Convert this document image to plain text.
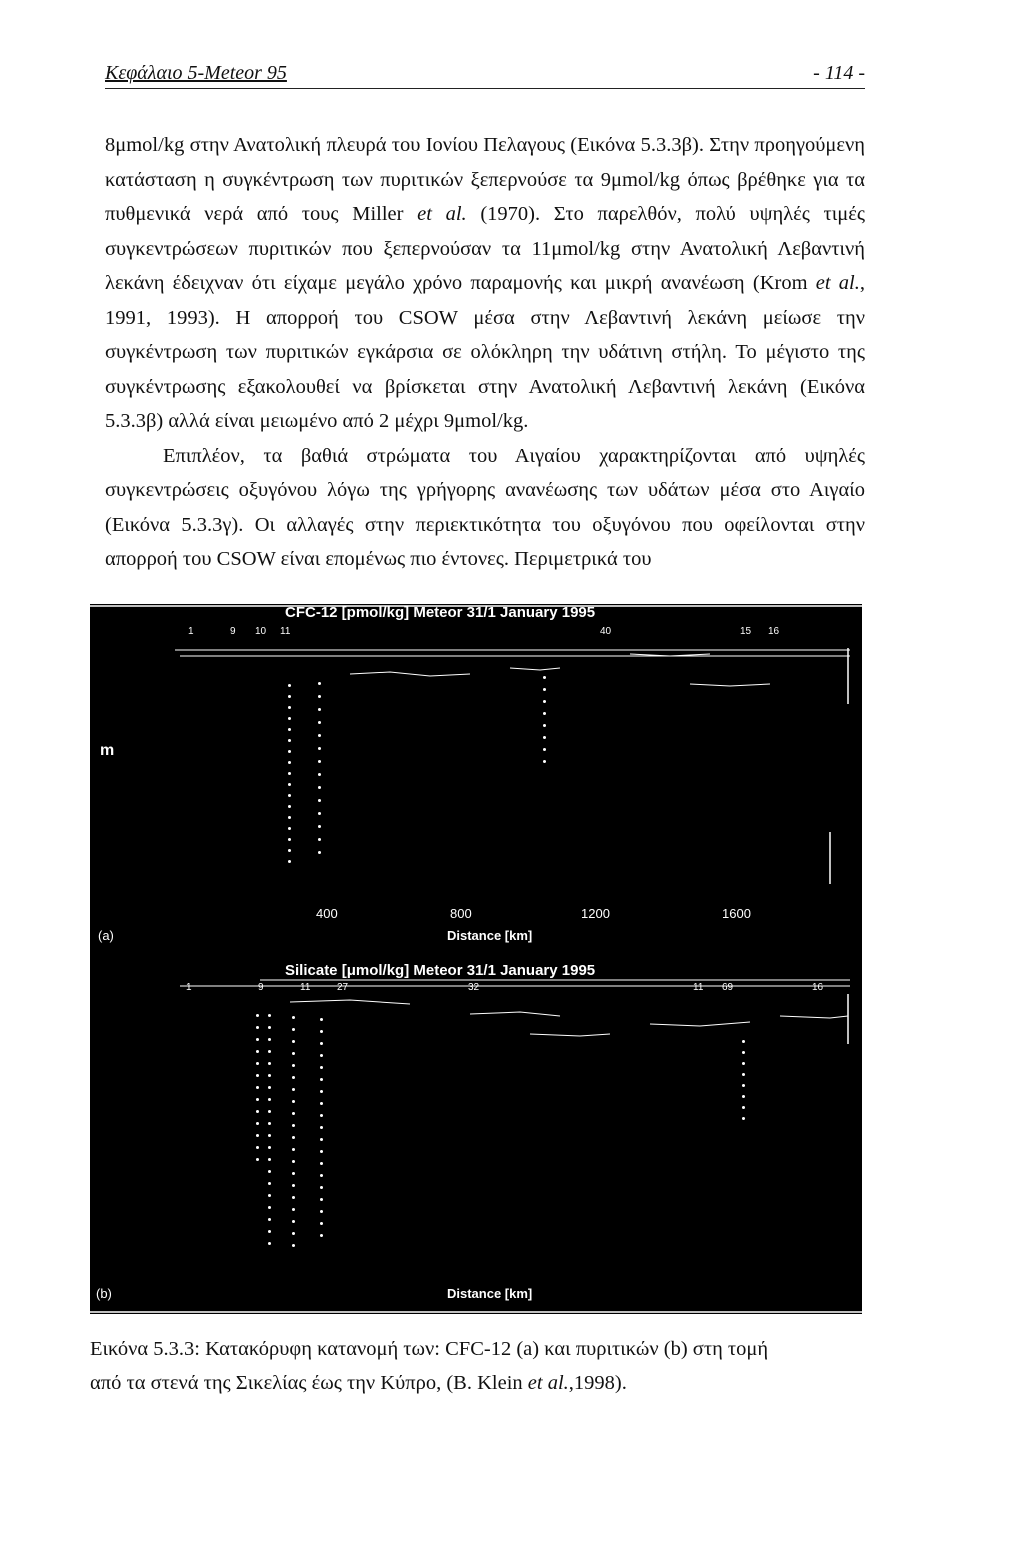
Κεφάλαιο 5-Meteor 95	- 114 -

8μmol/kg στην Ανατολική πλευρά του Ιονίου Πελαγους (Εικόνα 5.3.3β). Στην προηγούμενη κατάσταση η συγκέντρωση των πυριτικών ξεπερνούσε τα 9μmol/kg όπως βρέθηκε για τα πυθμενικά νερά από τους Miller et al. (1970). Στο παρελθόν, πολύ υψηλές τιμές συγκεντρώσεων πυριτικών που ξεπερνούσαν τα 11μmol/kg στην Ανατολική Λεβαντινή λεκάνη έδειχναν ότι είχαμε μεγάλο χρόνο παραμονής και μικρή ανανέωση (Krom et al., 1991, 1993). Η απορροή του CSOW μέσα στην Λεβαντινή λεκάνη μείωσε την συγκέντρωση των πυριτικών εγκάρσια σε ολόκληρη την υδάτινη στήλη. Το μέγιστο της συγκέντρωσης εξακολουθεί να βρίσκεται στην Ανατολική Λεβαντινή λεκάνη (Εικόνα 5.3.3β) αλλά είναι μειωμένο από 2 μέχρι 9μmol/kg.

Επιπλέον, τα βαθιά στρώματα του Αιγαίου χαρακτηρίζονται από υψηλές συγκεντρώσεις οξυγόνου λόγω της γρήγορης ανανέωσης των υδάτων μέσα στο Αιγαίο (Εικόνα 5.3.3γ). Οι αλλαγές στην περιεκτικότητα του οξυγόνου που οφείλονται στην απορροή του CSOW είναι επομένως πιο έντονες. Περιμετρικά του

CFC-12 [pmol/kg] Meteor 31/1 January 1995
1	9 10 11	40	15 16
m
400	800	1200	1600
(a)	Distance [km]
Silicate [μmol/kg] Meteor 31/1 January 1995
1	9	11	27	32	11 69	16
(b)	Distance [km]

Εικόνα 5.3.3: Κατακόρυφη κατανομή των: CFC-12 (a) και πυριτικών (b) στη τομή

από τα στενά της Σικελίας έως την Κύπρο, (B. Klein et al.,1998).
